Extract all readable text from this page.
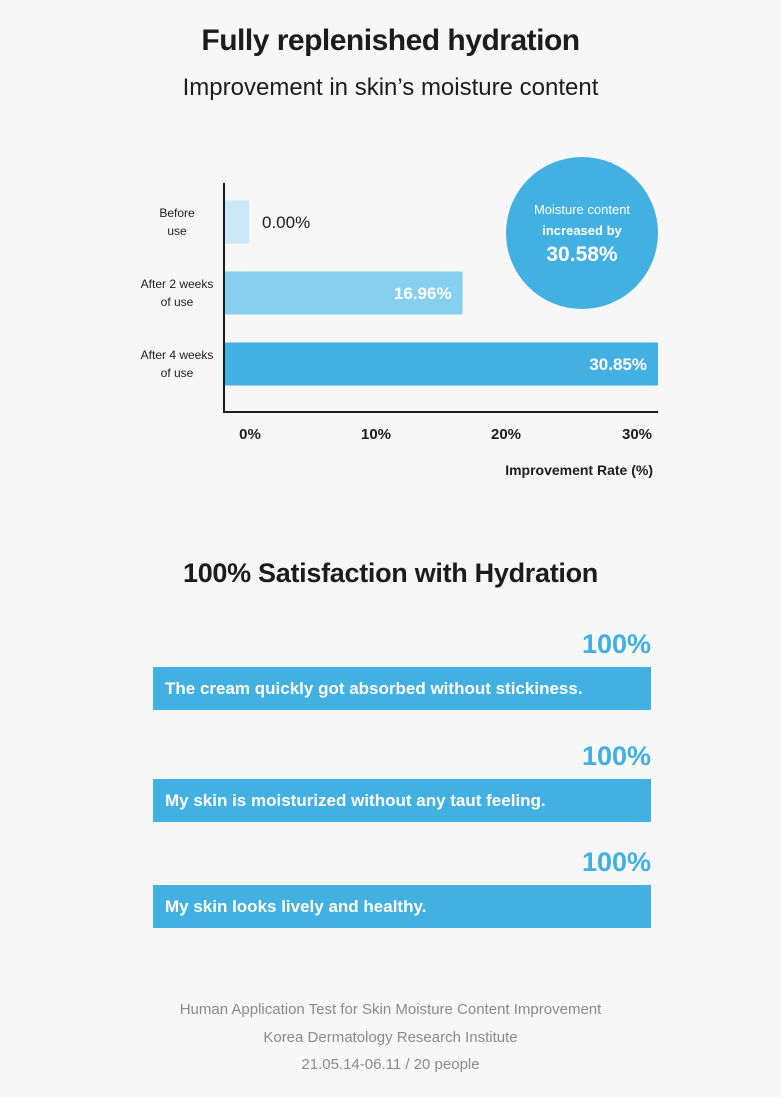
Fully replenished hydration
Improvement in skin’s moisture content
0.00%
Before
use
16.96%
After 2 weeks
of use
30.85%
After 4 weeks
of use
0%	10%	20%	30%
Improvement Rate (%)
Moisture content
increased by
30.58%
100% Satisfaction with Hydration
100%
The cream quickly got absorbed without stickiness.
100%
My skin is moisturized without any taut feeling.
100%
My skin looks lively and healthy.
Human Application Test for Skin Moisture Content Improvement
Korea Dermatology Research Institute
21.05.14-06.11 / 20 people
